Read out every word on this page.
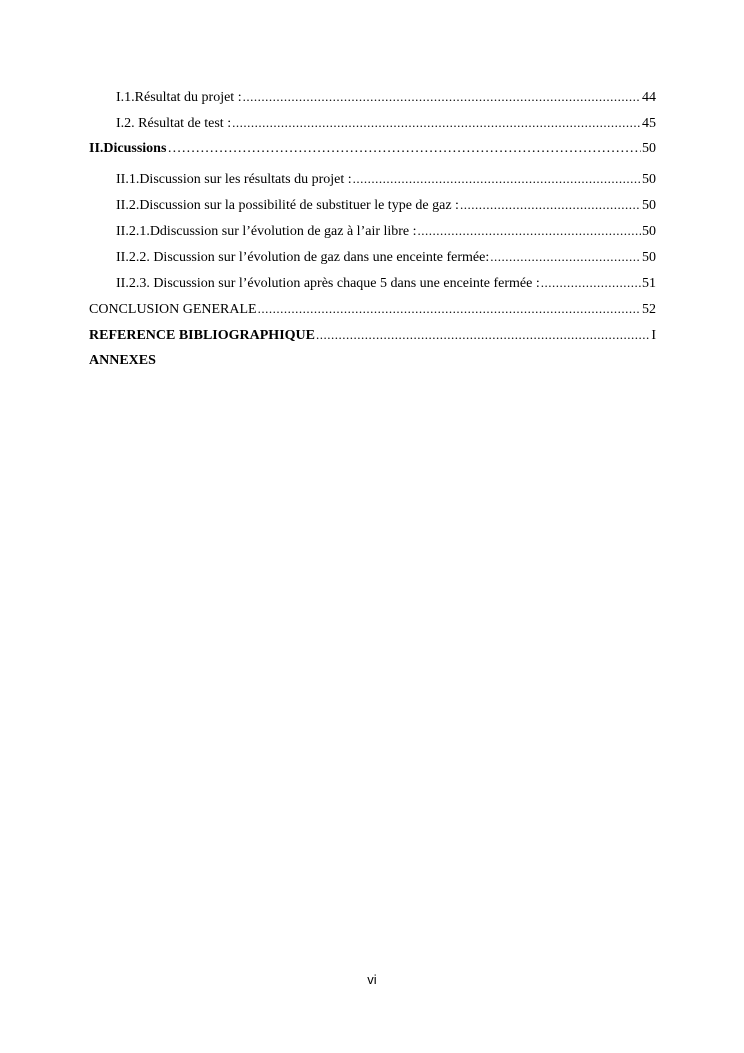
I.1.Résultat du projet : .....	44
I.2. Résultat de test : .....	45
II.Dicussions ………………………………………………………………………………………………………………………………………………………………	50
II.1.Discussion sur les résultats du projet : .....	50
II.2.Discussion sur la possibilité de substituer le type de gaz : .....	50
II.2.1.Ddiscussion sur l’évolution de gaz à l’air libre : .....	50
II.2.2. Discussion sur l’évolution de gaz dans une enceinte fermée: .....	50
II.2.3. Discussion sur l’évolution après chaque 5 dans une enceinte fermée : .....	51
CONCLUSION GENERALE .....	52
REFERENCE BIBLIOGRAPHIQUE .....	I
ANNEXES
vi
